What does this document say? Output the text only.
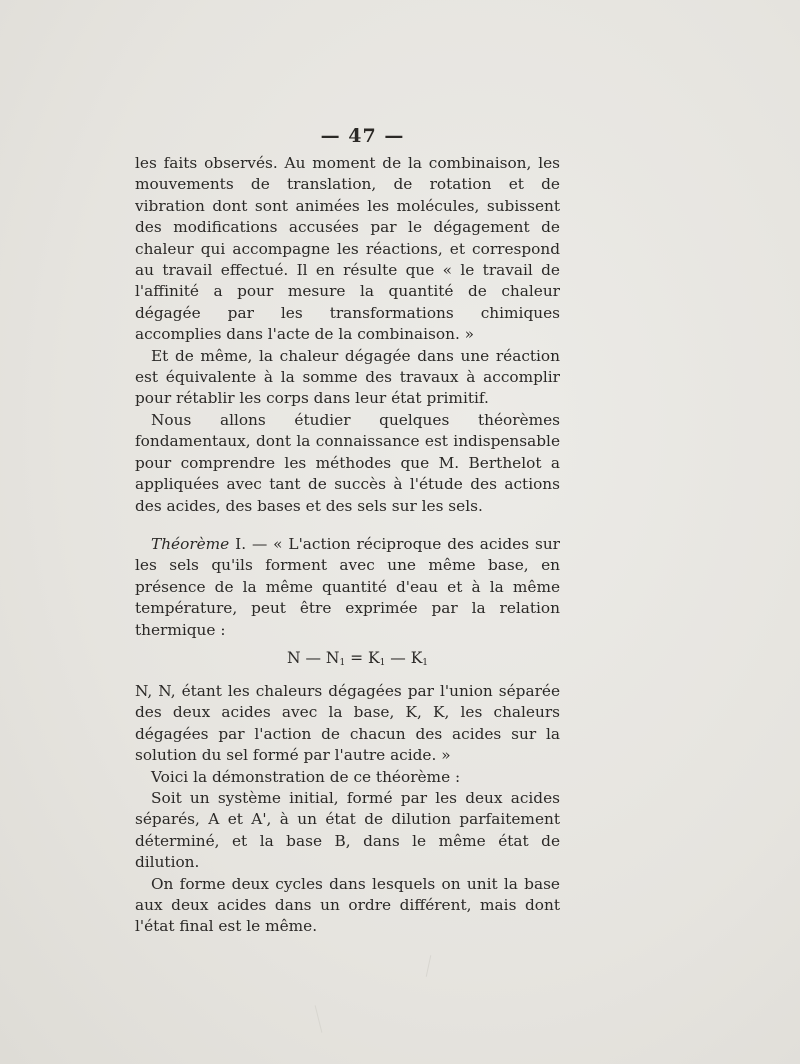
— 47 —

les faits observés. Au moment de la combinaison, les mouvements de translation, de rotation et de vibration dont sont animées les molécules, subissent des modifications accusées par le dégagement de chaleur qui accompagne les réactions, et correspond au travail effectué. Il en résulte que « le travail de l'affinité a pour mesure la quantité de chaleur dégagée par les transformations chimiques accomplies dans l'acte de la combinaison. »

Et de même, la chaleur dégagée dans une réaction est équivalente à la somme des travaux à accomplir pour rétablir les corps dans leur état primitif.

Nous allons étudier quelques théorèmes fondamentaux, dont la connaissance est indispensable pour comprendre les méthodes que M. Berthelot a appliquées avec tant de succès à l'étude des actions des acides, des bases et des sels sur les sels.

Théorème I. — « L'action réciproque des acides sur les sels qu'ils forment avec une même base, en présence de la même quantité d'eau et à la même température, peut être exprimée par la relation thermique :

N — $N_1 = K_1$ — $K_1$

N, N, étant les chaleurs dégagées par l'union séparée des deux acides avec la base, K, K, les chaleurs dégagées par l'action de chacun des acides sur la solution du sel formé par l'autre acide. »

Voici la démonstration de ce théorème :

Soit un système initial, formé par les deux acides séparés, A et A', à un état de dilution parfaitement déterminé, et la base B, dans le même état de dilution.

On forme deux cycles dans lesquels on unit la base aux deux acides dans un ordre différent, mais dont l'état final est le même.
